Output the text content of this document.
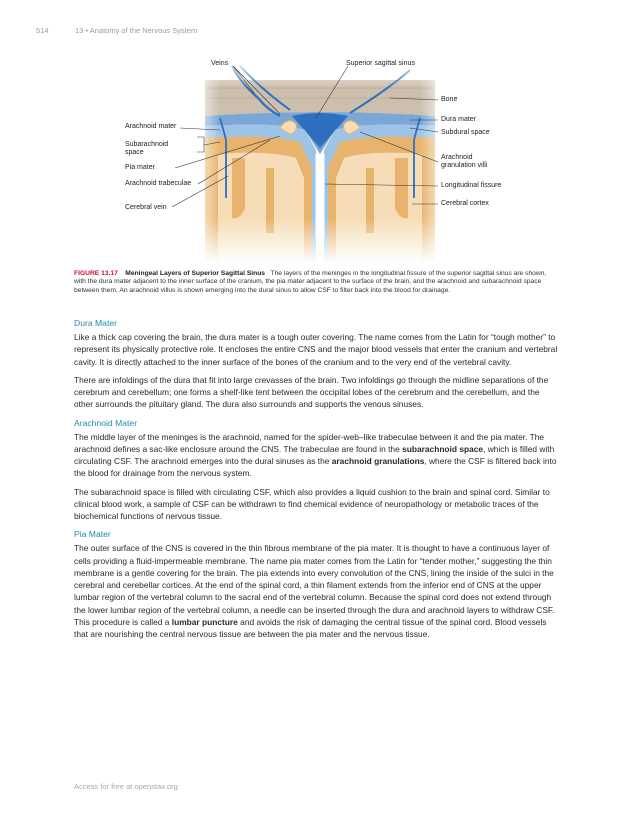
514	13 • Anatomy of the Nervous System
Veins	Superior sagittal sinus
Bone
Arachnoid mater
Dura mater
Subdural space
Subarachnoid
space
Arachnoid
granulation villi
Pia mater
Arachnoid trabeculae	Longitudinal fissure
Cerebral cortex
Cerebral vein
FIGURE 13.17 Meningeal Layers of Superior Sagittal Sinus The layers of the meninges in the longitudinal fissure of the superior sagittal sinus are shown, with the dura mater adjacent to the inner surface of the cranium, the pia mater adjacent to the surface of the brain, and the arachnoid and subarachnoid space between them. An arachnoid villus is shown emerging into the dural sinus to allow CSF to filter back into the blood for drainage.
Dura Mater

Like a thick cap covering the brain, the dura mater is a tough outer covering. The name comes from the Latin for “tough mother” to represent its physically protective role. It encloses the entire CNS and the major blood vessels that enter the cranium and vertebral cavity. It is directly attached to the inner surface of the bones of the cranium and to the very end of the vertebral cavity.

There are infoldings of the dura that fit into large crevasses of the brain. Two infoldings go through the midline separations of the cerebrum and cerebellum; one forms a shelf-like tent between the occipital lobes of the cerebrum and the cerebellum, and the other surrounds the pituitary gland. The dura also surrounds and supports the venous sinuses.

Arachnoid Mater

The middle layer of the meninges is the arachnoid, named for the spider-web–like trabeculae between it and the pia mater. The arachnoid defines a sac-like enclosure around the CNS. The trabeculae are found in the subarachnoid space, which is filled with circulating CSF. The arachnoid emerges into the dural sinuses as the arachnoid granulations, where the CSF is filtered back into the blood for drainage from the nervous system.

The subarachnoid space is filled with circulating CSF, which also provides a liquid cushion to the brain and spinal cord. Similar to clinical blood work, a sample of CSF can be withdrawn to find chemical evidence of neuropathology or metabolic traces of the biochemical functions of nervous tissue.

Pia Mater

The outer surface of the CNS is covered in the thin fibrous membrane of the pia mater. It is thought to have a continuous layer of cells providing a fluid-impermeable membrane. The name pia mater comes from the Latin for “tender mother,” suggesting the thin membrane is a gentle covering for the brain. The pia extends into every convolution of the CNS, lining the inside of the sulci in the cerebral and cerebellar cortices. At the end of the spinal cord, a thin filament extends from the inferior end of CNS at the upper lumbar region of the vertebral column to the sacral end of the vertebral column. Because the spinal cord does not extend through the lower lumbar region of the vertebral column, a needle can be inserted through the dura and arachnoid layers to withdraw CSF. This procedure is called a lumbar puncture and avoids the risk of damaging the central tissue of the spinal cord. Blood vessels that are nourishing the central nervous tissue are between the pia mater and the nervous tissue.

Access for free at openstax.org
